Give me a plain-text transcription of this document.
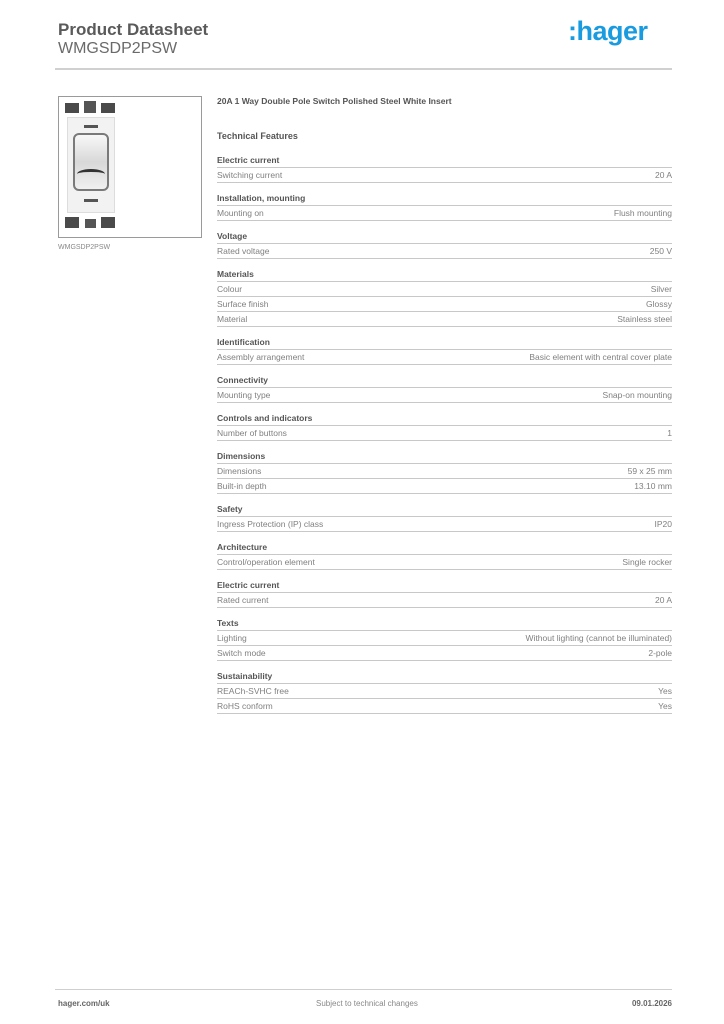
Product Datasheet
WMGSDP2PSW
:hager
WMGSDP2PSW
20A 1 Way Double Pole Switch Polished Steel White Insert
Technical Features
Electric current
Switching current	20 A
Installation, mounting
Mounting on	Flush mounting
Voltage
Rated voltage	250 V
Materials
Colour	Silver
Surface finish	Glossy
Material	Stainless steel
Identification
Assembly arrangement	Basic element with central cover plate
Connectivity
Mounting type	Snap-on mounting
Controls and indicators
Number of buttons	1
Dimensions
Dimensions	59 x 25 mm
Built-in depth	13.10 mm
Safety
Ingress Protection (IP) class	IP20
Architecture
Control/operation element	Single rocker
Electric current
Rated current	20 A
Texts
Lighting	Without lighting (cannot be illuminated)
Switch mode	2-pole
Sustainability
REACh-SVHC free	Yes
RoHS conform	Yes
hager.com/uk	Subject to technical changes	09.01.2026
